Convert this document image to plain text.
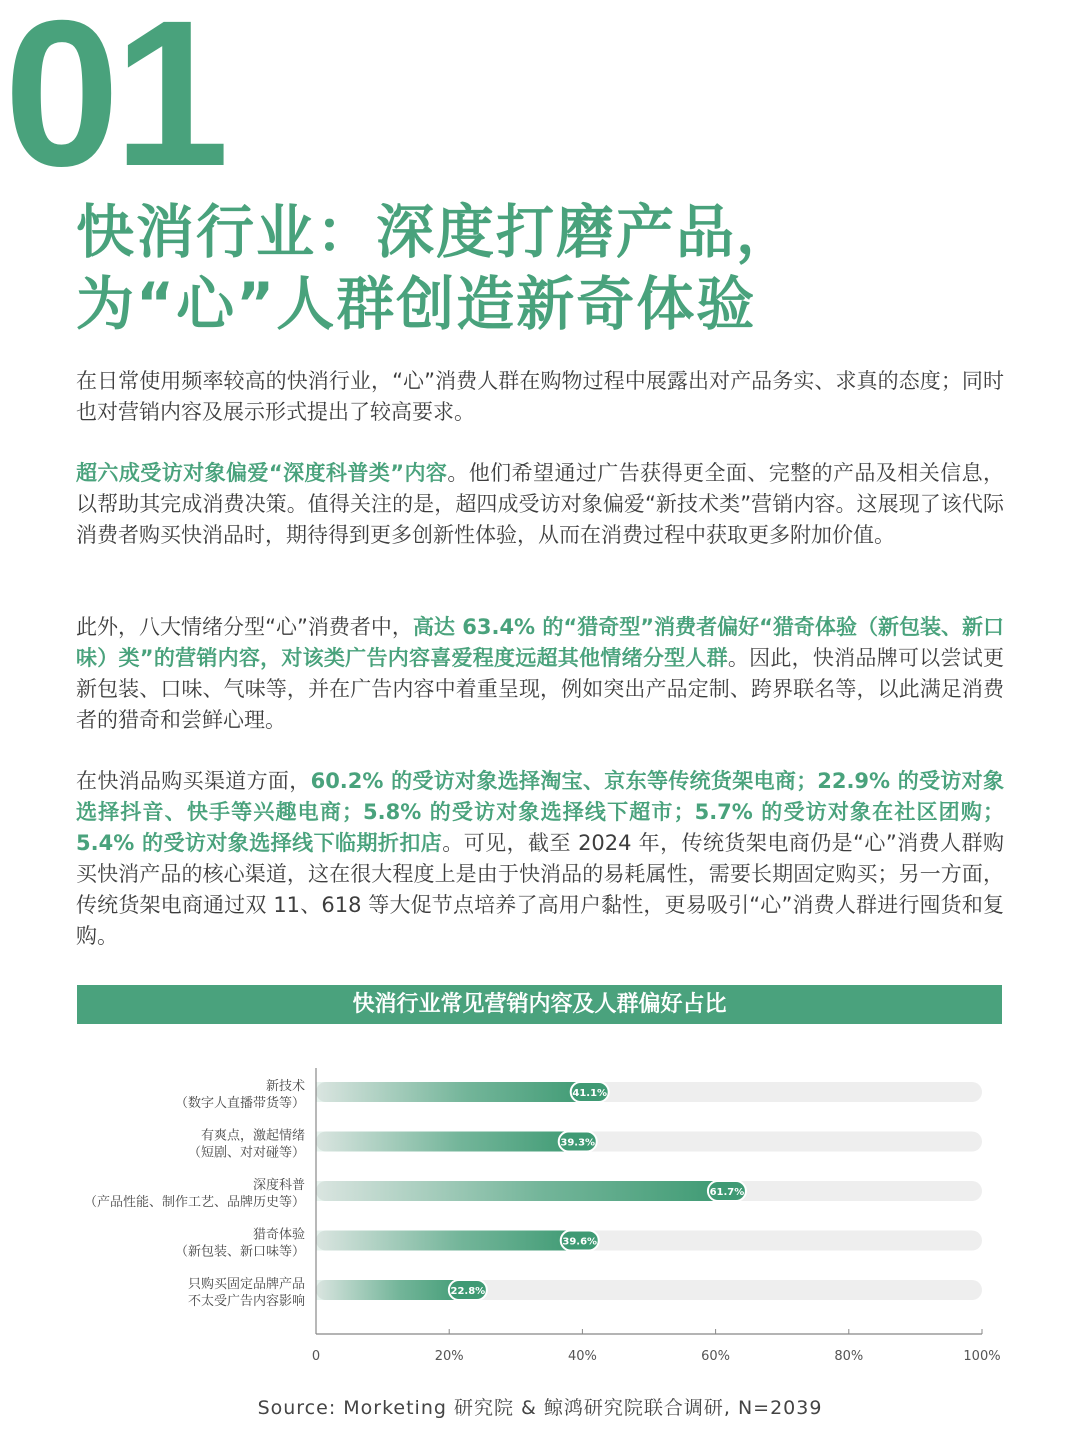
01
快消行业：深度打磨产品，
为“心”人群创造新奇体验
在日常使用频率较高的快消行业，“心”消费人群在购物过程中展露出对产品务实、求真的态度；同时也对营销内容及展示形式提出了较高要求。
超六成受访对象偏爱“深度科普类”内容。他们希望通过广告获得更全面、完整的产品及相关信息，以帮助其完成消费决策。值得关注的是，超四成受访对象偏爱“新技术类”营销内容。这展现了该代际消费者购买快消品时，期待得到更多创新性体验，从而在消费过程中获取更多附加价值。
此外，八大情绪分型“心”消费者中，高达 63.4% 的“猎奇型”消费者偏好“猎奇体验（新包装、新口味）类”的营销内容，对该类广告内容喜爱程度远超其他情绪分型人群。因此，快消品牌可以尝试更新包装、口味、气味等，并在广告内容中着重呈现，例如突出产品定制、跨界联名等，以此满足消费者的猎奇和尝鲜心理。
在快消品购买渠道方面，60.2% 的受访对象选择淘宝、京东等传统货架电商；22.9% 的受访对象选择抖音、快手等兴趣电商；5.8% 的受访对象选择线下超市；5.7% 的受访对象在社区团购；5.4% 的受访对象选择线下临期折扣店。可见，截至 2024 年，传统货架电商仍是“心”消费人群购买快消产品的核心渠道，这在很大程度上是由于快消品的易耗属性，需要长期固定购买；另一方面，传统货架电商通过双 11、618 等大促节点培养了高用户黏性，更易吸引“心”消费人群进行囤货和复购。
快消行业常见营销内容及人群偏好占比
新技术
（数字人直播带货等）
41.1%
有爽点，激起情绪
（短剧、对对碰等）
39.3%
深度科普
（产品性能、制作工艺、品牌历史等）
61.7%
猎奇体验
（新包装、新口味等）
39.6%
只购买固定品牌产品
不太受广告内容影响
22.8%
0	20%	40%	60%	80%	100%
Source: Morketing 研究院 & 鲸鸿研究院联合调研, N=2039
